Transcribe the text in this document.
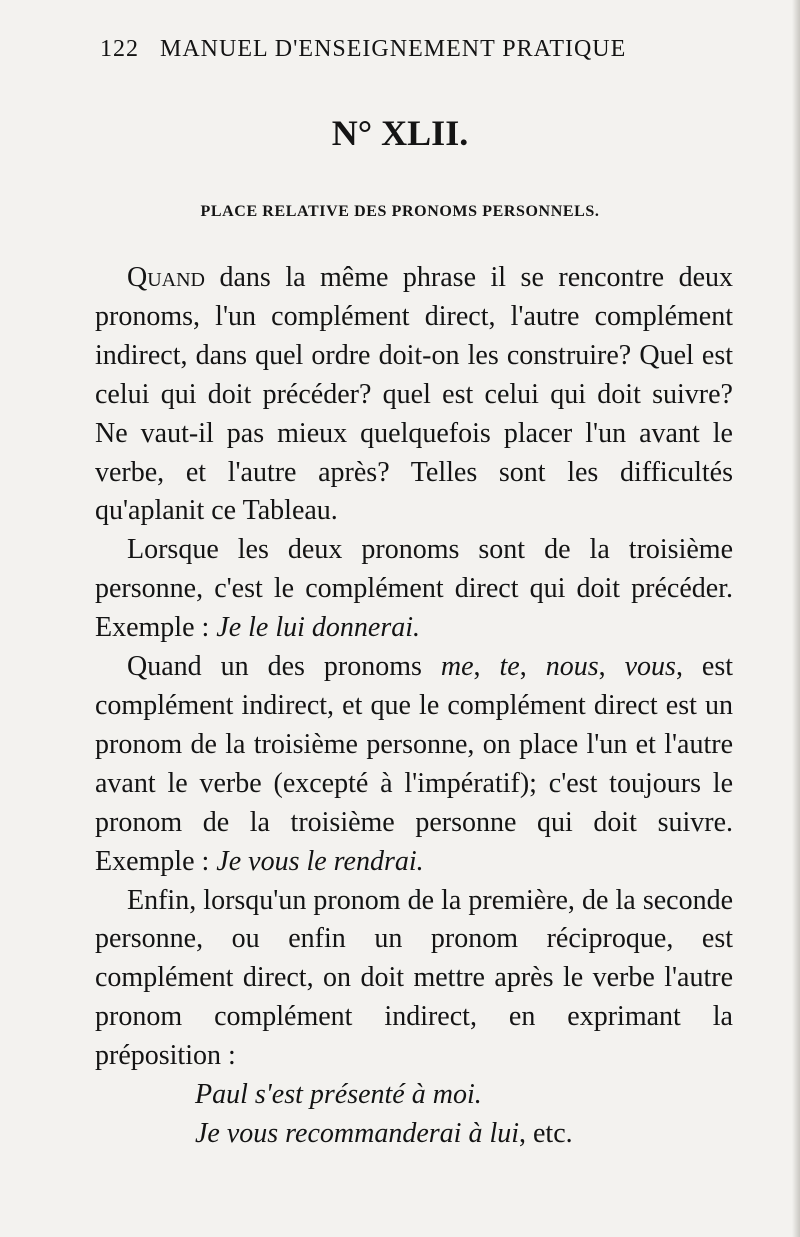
122 MANUEL D'ENSEIGNEMENT PRATIQUE
N° XLII.
PLACE RELATIVE DES PRONOMS PERSONNELS.

Quand dans la même phrase il se rencontre deux pronoms, l'un complément direct, l'autre complément indirect, dans quel ordre doit-on les construire? Quel est celui qui doit précéder? quel est celui qui doit suivre? Ne vaut-il pas mieux quelquefois placer l'un avant le verbe, et l'autre après? Telles sont les difficultés qu'aplanit ce Tableau.

Lorsque les deux pronoms sont de la troisième personne, c'est le complément direct qui doit précéder. Exemple : Je le lui donnerai.

Quand un des pronoms me, te, nous, vous, est complément indirect, et que le complément direct est un pronom de la troisième personne, on place l'un et l'autre avant le verbe (excepté à l'impératif); c'est toujours le pronom de la troisième personne qui doit suivre. Exemple : Je vous le rendrai.

Enfin, lorsqu'un pronom de la première, de la seconde personne, ou enfin un pronom réciproque, est complément direct, on doit mettre après le verbe l'autre pronom complément indirect, en exprimant la préposition :

Paul s'est présenté à moi.
Je vous recommanderai à lui, etc.
